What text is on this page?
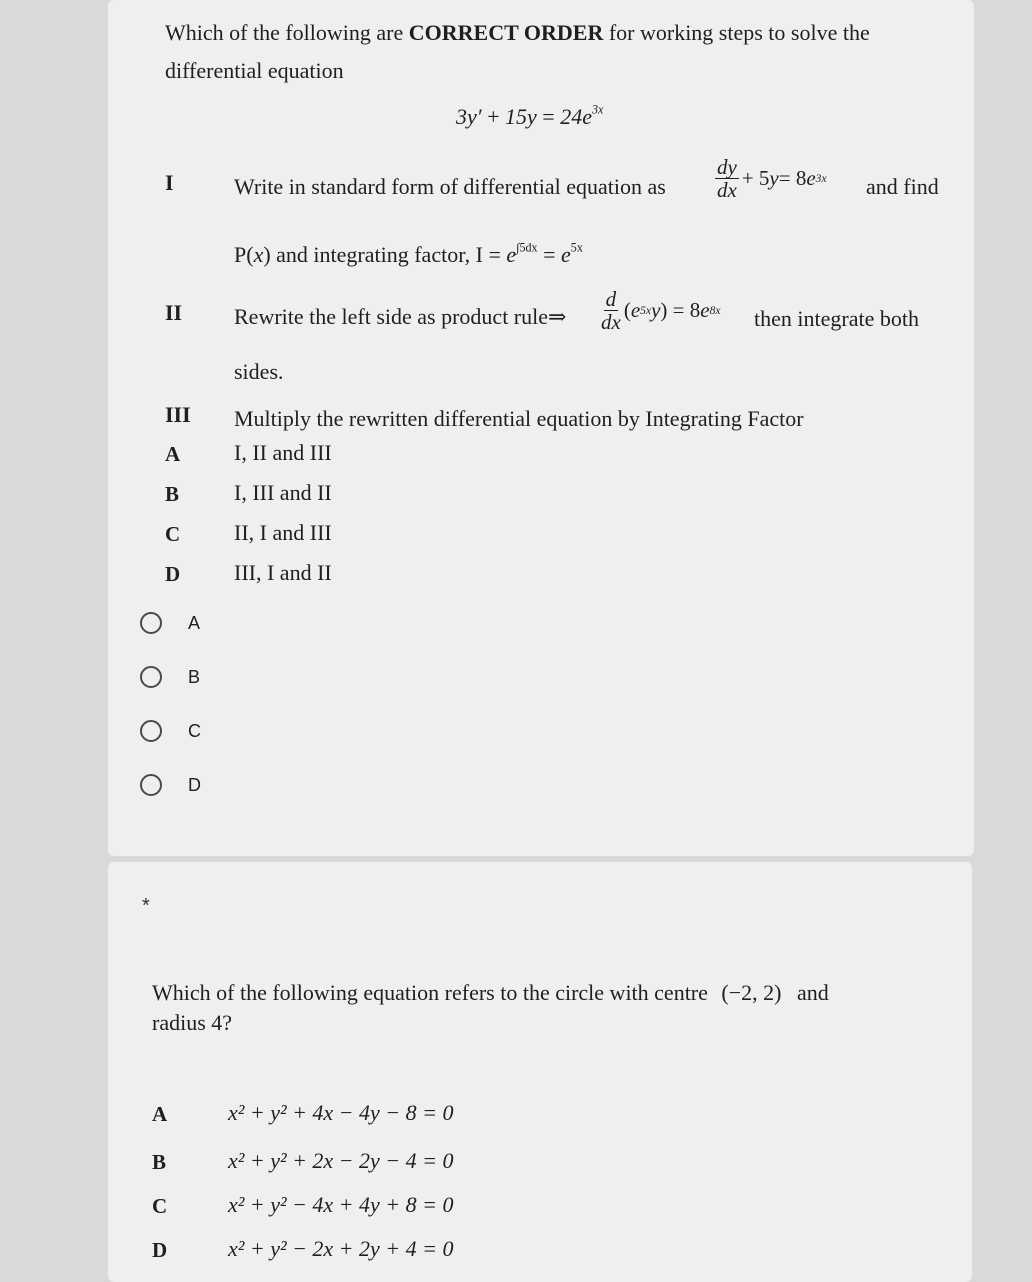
Which of the following are CORRECT ORDER for working steps to solve the
differential equation
$3y' + 15y = 24e^{3x}$
I	Write in standard form of differential equation as $\frac{dy}{dx} + 5$ y = 8 e 3x and find
P(x) and integrating factor, $I = e^{\int 5dx} = e^{5x}$
II Rewrite the left side as product rule⇒ $\frac{d}{dx}$ ( e 5x y ) = 8 e 8x then integrate both
sides.
III Multiply the rewritten differential equation by Integrating Factor
A I, II and III
B I, III and II
C II, I and III
D III, I and II
A
B
C
D
*
Which of the following equation refers to the circle with centre (−2, 2) and
radius 4?
A	x² + y² + 4x − 4y − 8 = 0
B	x² + y² + 2x − 2y − 4 = 0
C	x² + y² − 4x + 4y + 8 = 0
D	x² + y² − 2x + 2y + 4 = 0
